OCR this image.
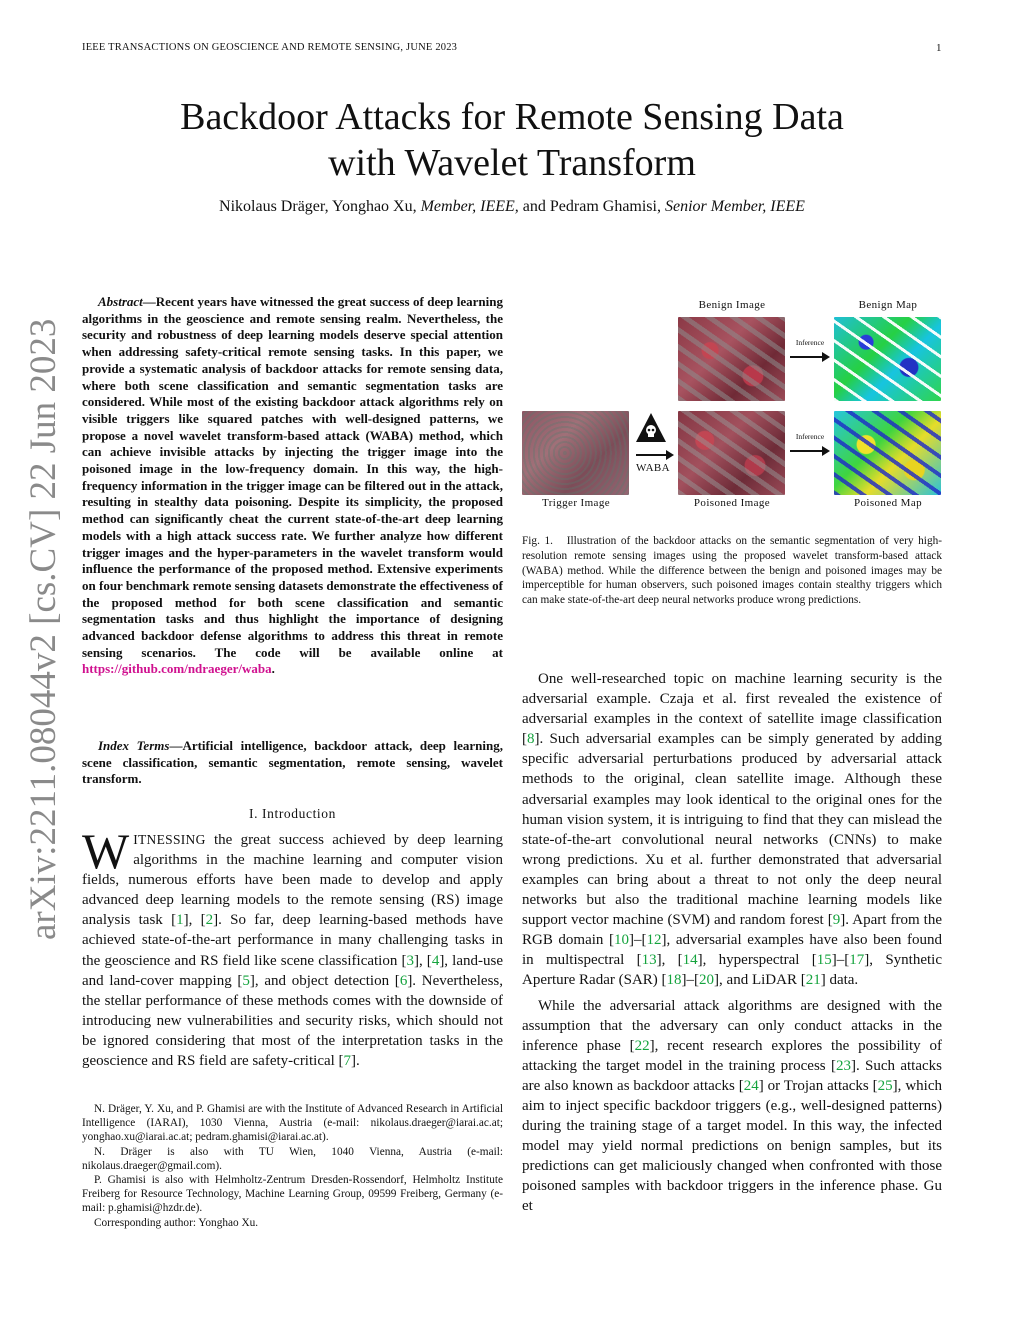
IEEE TRANSACTIONS ON GEOSCIENCE AND REMOTE SENSING, JUNE 2023	1
arXiv:2211.08044v2 [cs.CV] 22 Jun 2023
Backdoor Attacks for Remote Sensing Data
with Wavelet Transform
Nikolaus Dräger, Yonghao Xu, Member, IEEE, and Pedram Ghamisi, Senior Member, IEEE
Abstract—Recent years have witnessed the great success of deep learning algorithms in the geoscience and remote sensing realm. Nevertheless, the security and robustness of deep learning models deserve special attention when addressing safety-critical remote sensing tasks. In this paper, we provide a systematic analysis of backdoor attacks for remote sensing data, where both scene classification and semantic segmentation tasks are considered. While most of the existing backdoor attack algorithms rely on visible triggers like squared patches with well-designed patterns, we propose a novel wavelet transform-based attack (WABA) method, which can achieve invisible attacks by injecting the trigger image into the poisoned image in the low-frequency domain. In this way, the high-frequency information in the trigger image can be filtered out in the attack, resulting in stealthy data poisoning. Despite its simplicity, the proposed method can significantly cheat the current state-of-the-art deep learning models with a high attack success rate. We further analyze how different trigger images and the hyper-parameters in the wavelet transform would influence the performance of the proposed method. Extensive experiments on four benchmark remote sensing datasets demonstrate the effectiveness of the proposed method for both scene classification and semantic segmentation tasks and thus highlight the importance of designing advanced backdoor defense algorithms to address this threat in remote sensing scenarios. The code will be available online at https://github.com/ndraeger/waba.
Index Terms—Artificial intelligence, backdoor attack, deep learning, scene classification, semantic segmentation, remote sensing, wavelet transform.
I. Introduction
WITNESSING the great success achieved by deep learning algorithms in the machine learning and computer vision fields, numerous efforts have been made to develop and apply advanced deep learning models to the remote sensing (RS) image analysis task [1], [2]. So far, deep learning-based methods have achieved state-of-the-art performance in many challenging tasks in the geoscience and RS field like scene classification [3], [4], land-use and land-cover mapping [5], and object detection [6]. Nevertheless, the stellar performance of these methods comes with the downside of introducing new vulnerabilities and security risks, which should not be ignored considering that most of the interpretation tasks in the geoscience and RS field are safety-critical [7].

N. Dräger, Y. Xu, and P. Ghamisi are with the Institute of Advanced Research in Artificial Intelligence (IARAI), 1030 Vienna, Austria (e-mail: nikolaus.draeger@iarai.ac.at; yonghao.xu@iarai.ac.at; pedram.ghamisi@iarai.ac.at).

N. Dräger is also with TU Wien, 1040 Vienna, Austria (e-mail: nikolaus.draeger@gmail.com).

P. Ghamisi is also with Helmholtz-Zentrum Dresden-Rossendorf, Helmholtz Institute Freiberg for Resource Technology, Machine Learning Group, 09599 Freiberg, Germany (e-mail: p.ghamisi@hzdr.de).

Corresponding author: Yonghao Xu.

Benign Image	Benign Map
Inference
Inference
WABA
Trigger Image	Poisoned Image	Poisoned Map
Fig. 1. Illustration of the backdoor attacks on the semantic segmentation of very high-resolution remote sensing images using the proposed wavelet transform-based attack (WABA) method. While the difference between the benign and poisoned images may be imperceptible for human observers, such poisoned images contain stealthy triggers which can make state-of-the-art deep neural networks produce wrong predictions.

One well-researched topic on machine learning security is the adversarial example. Czaja et al. first revealed the existence of adversarial examples in the context of satellite image classification [8]. Such adversarial examples can be simply generated by adding specific adversarial perturbations produced by adversarial attack methods to the original, clean satellite image. Although these adversarial examples may look identical to the original ones for the human vision system, it is intriguing to find that they can mislead the state-of-the-art convolutional neural networks (CNNs) to make wrong predictions. Xu et al. further demonstrated that adversarial examples can bring about a threat to not only the deep neural networks but also the traditional machine learning models like support vector machine (SVM) and random forest [9]. Apart from the RGB domain [10]–[12], adversarial examples have also been found in multispectral [13], [14], hyperspectral [15]–[17], Synthetic Aperture Radar (SAR) [18]–[20], and LiDAR [21] data.

While the adversarial attack algorithms are designed with the assumption that the adversary can only conduct attacks in the inference phase [22], recent research explores the possibility of attacking the target model in the training process [23]. Such attacks are also known as backdoor attacks [24] or Trojan attacks [25], which aim to inject specific backdoor triggers (e.g., well-designed patterns) during the training stage of a target model. In this way, the infected model may yield normal predictions on benign samples, but its predictions can get maliciously changed when confronted with those poisoned samples with backdoor triggers in the inference phase. Gu et
